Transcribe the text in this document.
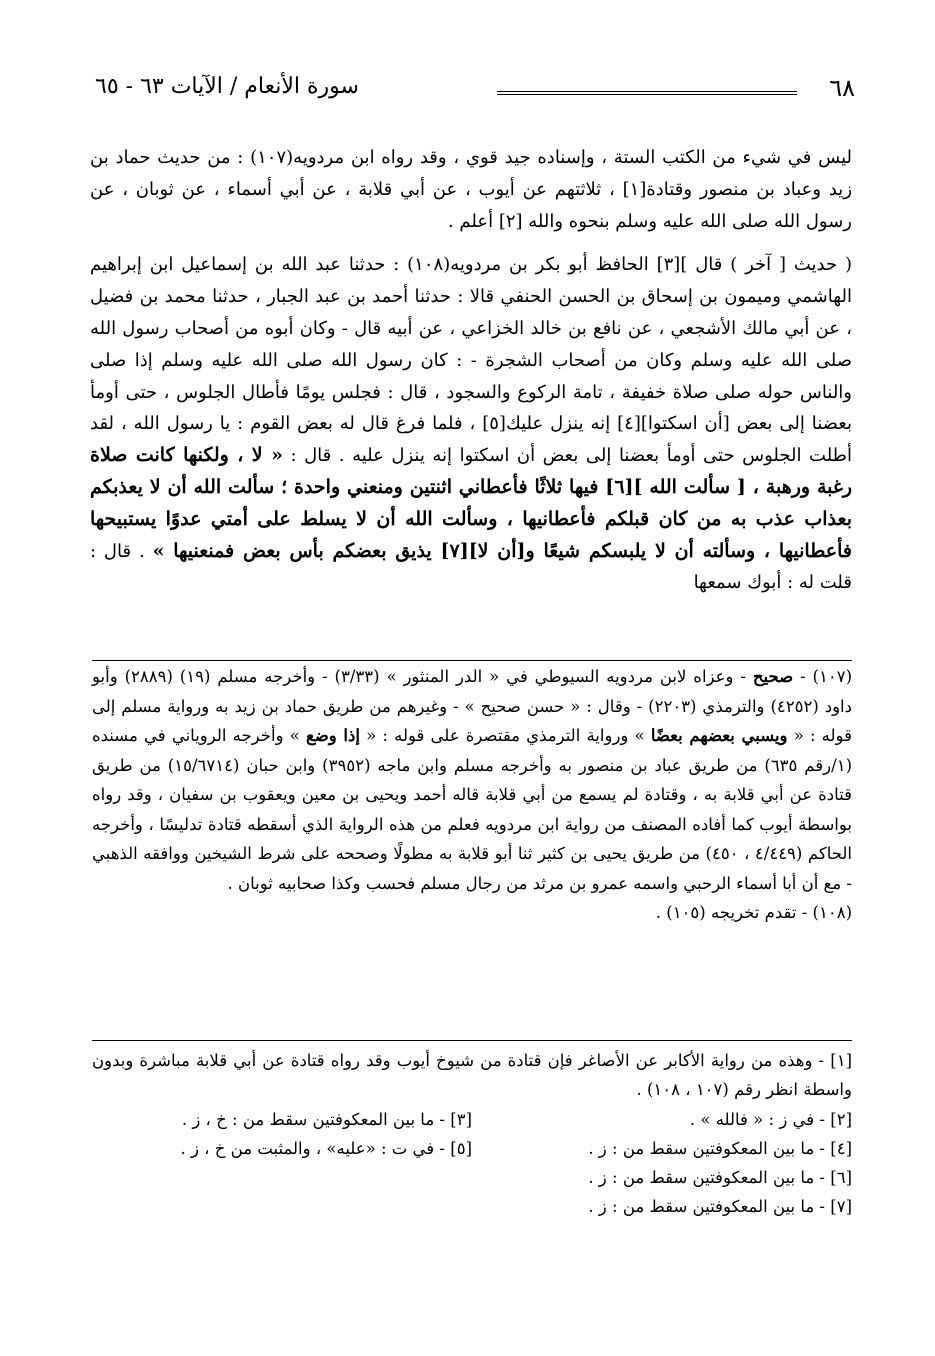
٦٨
سورة الأنعام / الآيات ٦٣ - ٦٥

ليس في شيء من الكتب الستة ، وإسناده جيد قوي ، وقد رواه ابن مردويه(١٠٧) : من حديث حماد بن زيد وعباد بن منصور وقتادة[١] ، ثلاثتهم عن أيوب ، عن أبي قلابة ، عن أبي أسماء ، عن ثوبان ، عن رسول الله صلى الله عليه وسلم بنحوه والله [٢] أعلم .

( حديث [ آخر ) قال ][٣] الحافظ أبو بكر بن مردويه(١٠٨) : حدثنا عبد الله بن إسماعيل ابن إبراهيم الهاشمي وميمون بن إسحاق بن الحسن الحنفي قالا : حدثنا أحمد بن عبد الجبار ، حدثنا محمد بن فضيل ، عن أبي مالك الأشجعي ، عن نافع بن خالد الخزاعي ، عن أبيه قال - وكان أبوه من أصحاب رسول الله صلى الله عليه وسلم وكان من أصحاب الشجرة - : كان رسول الله صلى الله عليه وسلم إذا صلى والناس حوله صلى صلاة خفيفة ، تامة الركوع والسجود ، قال : فجلس يومًا فأطال الجلوس ، حتى أومأ بعضنا إلى بعض [أن اسكتوا][٤] إنه ينزل عليك[٥] ، فلما فرغ قال له بعض القوم : يا رسول الله ، لقد أطلت الجلوس حتى أومأ بعضنا إلى بعض أن اسكتوا إنه ينزل عليه . قال : « لا ، ولكنها كانت صلاة رغبة ورهبة ، [ سألت الله ][٦] فيها ثلاثًا فأعطاني اثنتين ومنعني واحدة ؛ سألت الله أن لا يعذبكم بعذاب عذب به من كان قبلكم فأعطانيها ، وسألت الله أن لا يسلط على أمتي عدوًا يستبيحها فأعطانيها ، وسألته أن لا يلبسكم شيعًا و[أن لا][٧] يذيق بعضكم بأس بعض فمنعنيها » . قال : قلت له : أبوك سمعها

(١٠٧) - صحيح - وعزاه لابن مردويه السيوطي في « الدر المنثور » (٣/٣٣) - وأخرجه مسلم (١٩) (٢٨٨٩) وأبو داود (٤٢٥٢) والترمذي (٢٢٠٣) - وقال : « حسن صحيح » - وغيرهم من طريق حماد بن زيد به ورواية مسلم إلى قوله : « ويسبي بعضهم بعضًا » ورواية الترمذي مقتصرة على قوله : « إذا وضع » وأخرجه الروياني في مسنده (١/رقم ٦٣٥) من طريق عباد بن منصور به وأخرجه مسلم وابن ماجه (٣٩٥٢) وابن حبان (١٥/٦٧١٤) من طريق قتادة عن أبي قلابة به ، وقتادة لم يسمع من أبي قلابة قاله أحمد ويحيى بن معين ويعقوب بن سفيان ، وقد رواه بواسطة أيوب كما أفاده المصنف من رواية ابن مردويه فعلم من هذه الرواية الذي أسقطه قتادة تدليسًا ، وأخرجه الحاكم (٤/٤٤٩ ، ٤٥٠) من طريق يحيى بن كثير ثنا أبو قلابة به مطولًا وصححه على شرط الشيخين ووافقه الذهبي - مع أن أبا أسماء الرحبي واسمه عمرو بن مرثد من رجال مسلم فحسب وكذا صحابيه ثوبان .

(١٠٨) - تقدم تخريجه (١٠٥) .

[١] - وهذه من رواية الأكابر عن الأصاغر فإن قتادة من شيوخ أيوب وقد رواه قتادة عن أبي قلابة مباشرة وبدون واسطة انظر رقم (١٠٧ ، ١٠٨) .

[٢] - في ز : « فالله » .
[٣] - ما بين المعكوفتين سقط من : خ ، ز .
[٤] - ما بين المعكوفتين سقط من : ز .
[٥] - في ت : «عليه» ، والمثبت من خ ، ز .
[٦] - ما بين المعكوفتين سقط من : ز .
[٧] - ما بين المعكوفتين سقط من : ز .
